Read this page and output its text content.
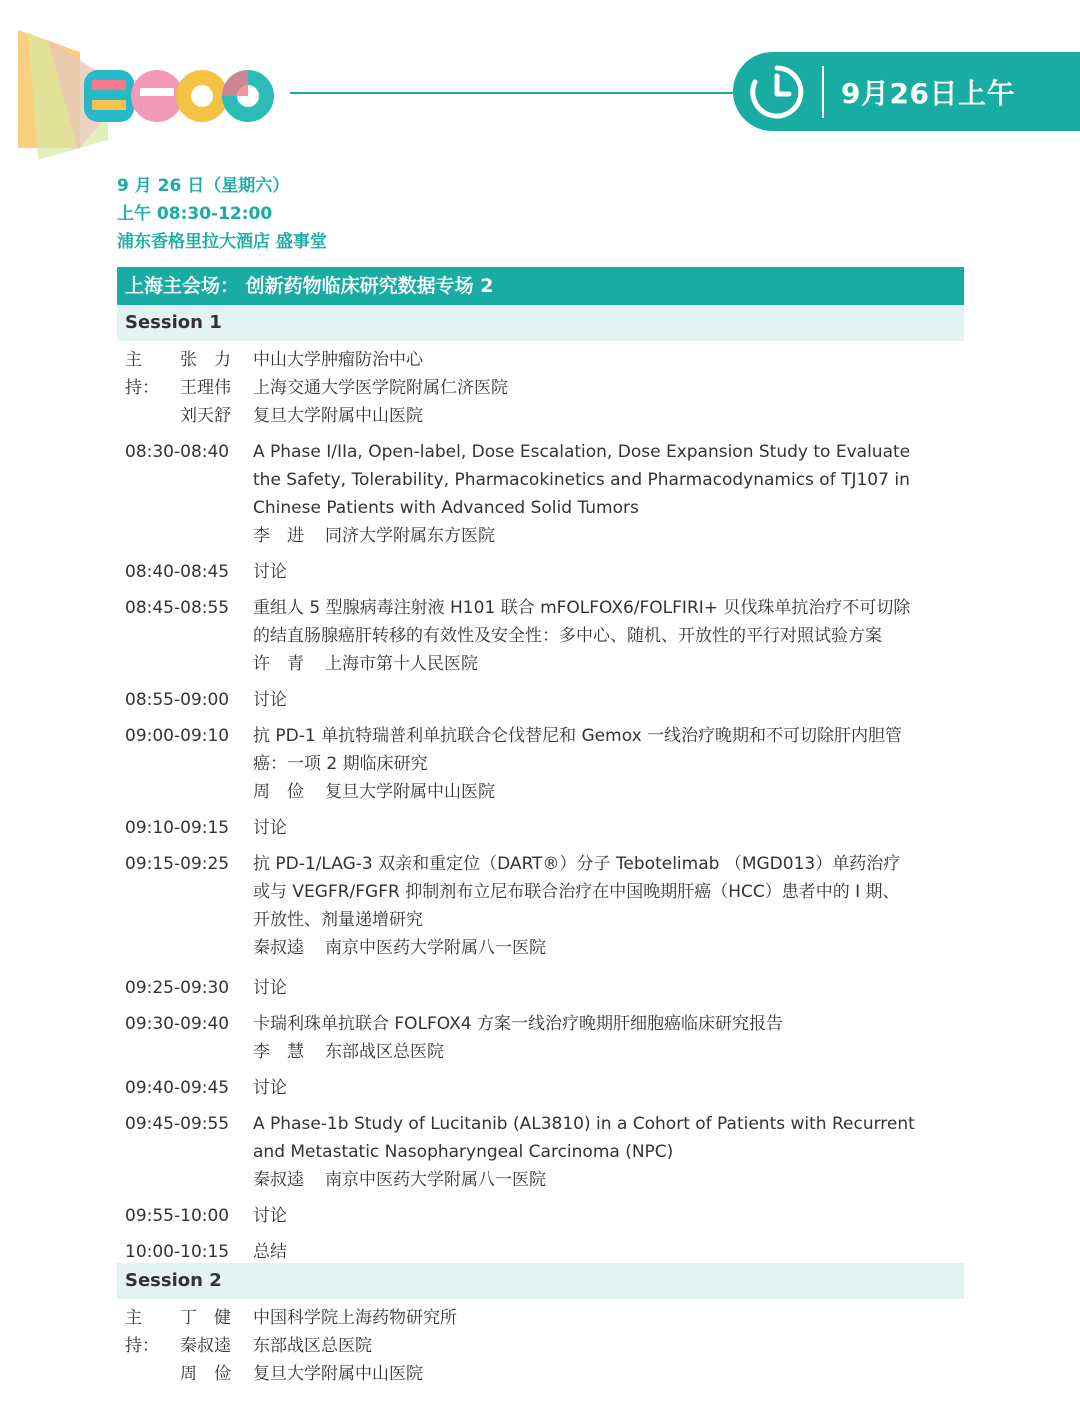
9月26日上午
9 月 26 日（星期六）
上午 08:30-12:00
浦东香格里拉大酒店 盛事堂
上海主会场： 创新药物临床研究数据专场 2
Session 1
主持：
张　力	中山大学肿瘤防治中心
王理伟	上海交通大学医学院附属仁济医院
刘天舒	复旦大学附属中山医院
08:30-08:40 A Phase I/IIa, Open-label, Dose Escalation, Dose Expansion Study to Evaluate
the Safety, Tolerability, Pharmacokinetics and Pharmacodynamics of TJ107 in
Chinese Patients with Advanced Solid Tumors
李　进 同济大学附属东方医院
08:40-08:45 讨论
08:45-08:55 重组人 5 型腺病毒注射液 H101 联合 mFOLFOX6/FOLFIRI+ 贝伐珠单抗治疗不可切除
的结直肠腺癌肝转移的有效性及安全性：多中心、随机、开放性的平行对照试验方案
许　青 上海市第十人民医院
08:55-09:00 讨论
09:00-09:10 抗 PD-1 单抗特瑞普利单抗联合仑伐替尼和 Gemox 一线治疗晚期和不可切除肝内胆管
癌：一项 2 期临床研究
周　俭 复旦大学附属中山医院
09:10-09:15 讨论
09:15-09:25 抗 PD-1/LAG-3 双亲和重定位（DART®）分子 Tebotelimab （MGD013）单药治疗
或与 VEGFR/FGFR 抑制剂布立尼布联合治疗在中国晚期肝癌（HCC）患者中的 I 期、
开放性、剂量递增研究
秦叔逵 南京中医药大学附属八一医院
09:25-09:30 讨论
09:30-09:40 卡瑞利珠单抗联合 FOLFOX4 方案一线治疗晚期肝细胞癌临床研究报告
李　慧 东部战区总医院
09:40-09:45 讨论
09:45-09:55 A Phase-1b Study of Lucitanib (AL3810) in a Cohort of Patients with Recurrent
and Metastatic Nasopharyngeal Carcinoma (NPC)
秦叔逵 南京中医药大学附属八一医院
09:55-10:00 讨论
10:00-10:15 总结
Session 2
主持：
丁　健	中国科学院上海药物研究所
秦叔逵	东部战区总医院
周　俭	复旦大学附属中山医院
